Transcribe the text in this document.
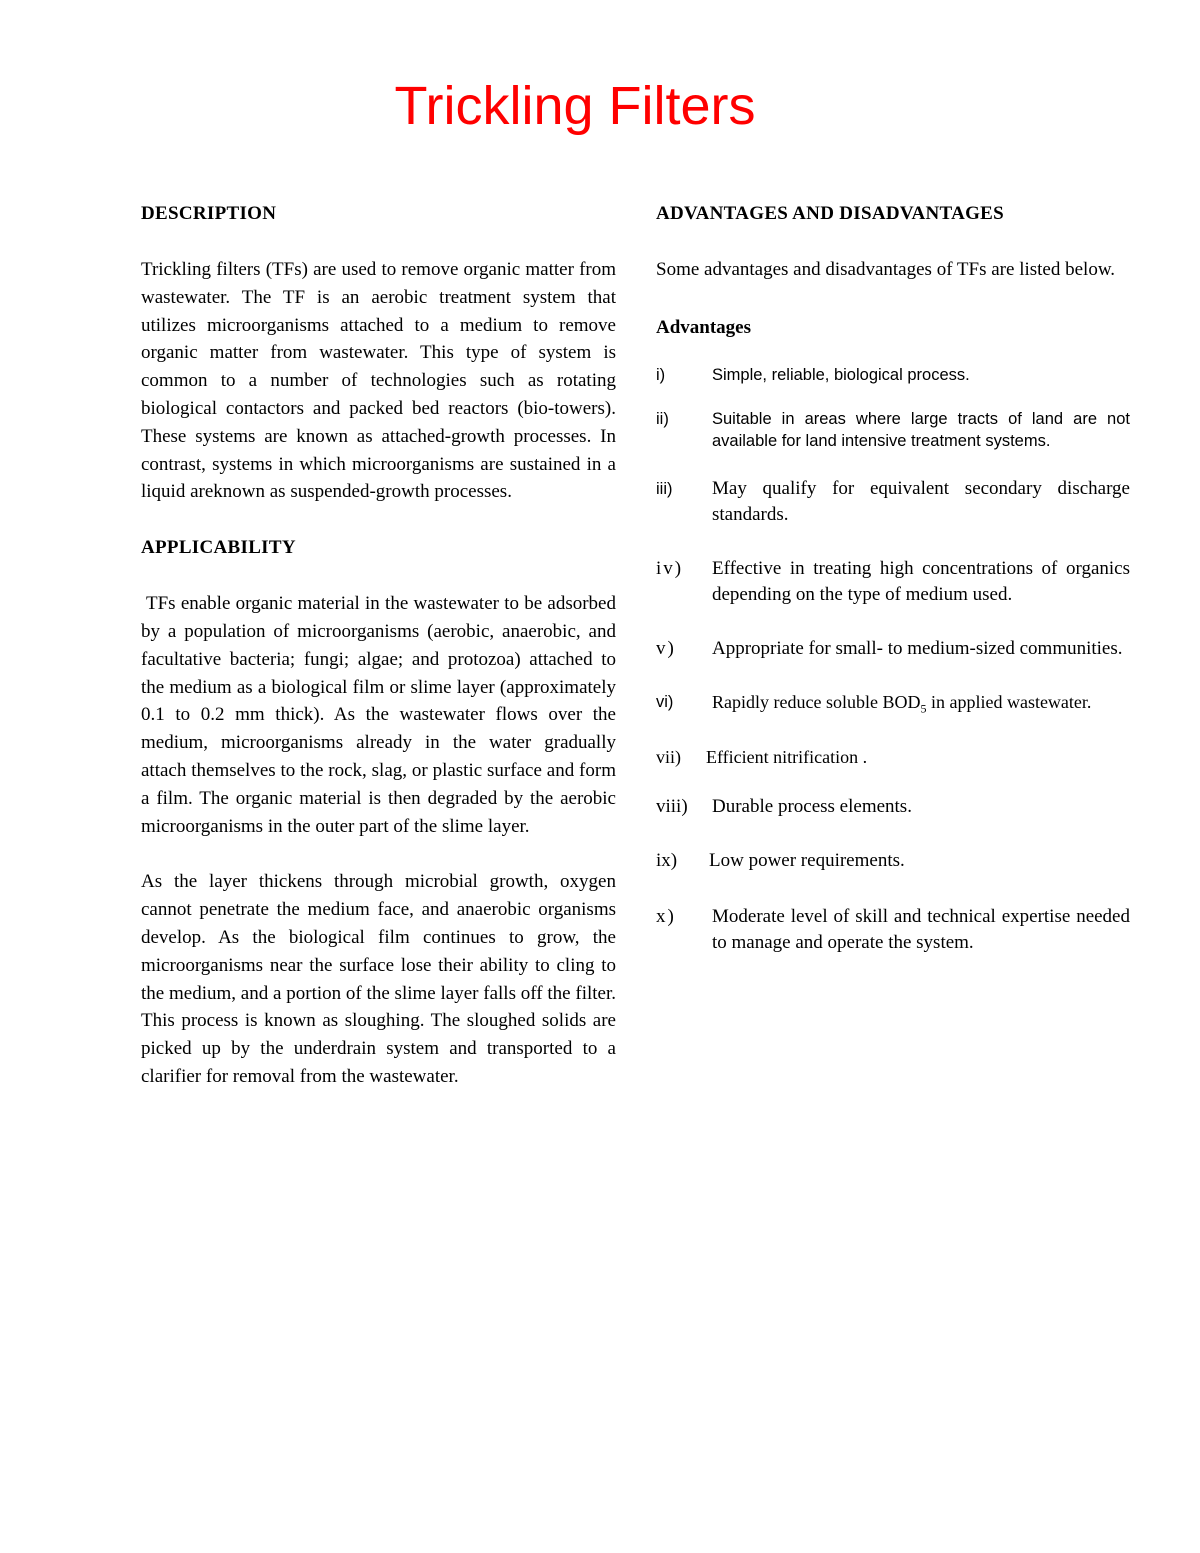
Trickling Filters

DESCRIPTION

Trickling filters (TFs) are used to remove organic matter from wastewater. The TF is an aerobic treatment system that utilizes microorganisms attached to a medium to remove organic matter from wastewater. This type of system is common to a number of technologies such as rotating biological contactors and packed bed reactors (bio-towers). These systems are known as attached-growth processes. In contrast, systems in which microorganisms are sustained in a liquid areknown as suspended-growth processes.

APPLICABILITY

TFs enable organic material in the wastewater to be adsorbed by a population of microorganisms (aerobic, anaerobic, and facultative bacteria; fungi; algae; and protozoa) attached to the medium as a biological film or slime layer (approximately 0.1 to 0.2 mm thick). As the wastewater flows over the medium, microorganisms already in the water gradually attach themselves to the rock, slag, or plastic surface and form a film. The organic material is then degraded by the aerobic microorganisms in the outer part of the slime layer.

As the layer thickens through microbial growth, oxygen cannot penetrate the medium face, and anaerobic organisms develop. As the biological film continues to grow, the microorganisms near the surface lose their ability to cling to the medium, and a portion of the slime layer falls off the filter. This process is known as sloughing. The sloughed solids are picked up by the underdrain system and transported to a clarifier for removal from the wastewater.

ADVANTAGES AND DISADVANTAGES

Some advantages and disadvantages of TFs are listed below.

Advantages

i)	Simple, reliable, biological process.
ii)	Suitable in areas where large tracts of land are not available for land intensive treatment systems.
iii)	May qualify for equivalent secondary discharge standards.
iv)	Effective in treating high concentrations of organics depending on the type of medium used.
v)	Appropriate for small- to medium-sized communities.
vi)	Rapidly reduce soluble $BOD_5$ in applied wastewater.
vii)	Efficient nitrification .
viii)	Durable process elements.
ix)	Low power requirements.
x)	Moderate level of skill and technical expertise needed to manage and operate the system.
